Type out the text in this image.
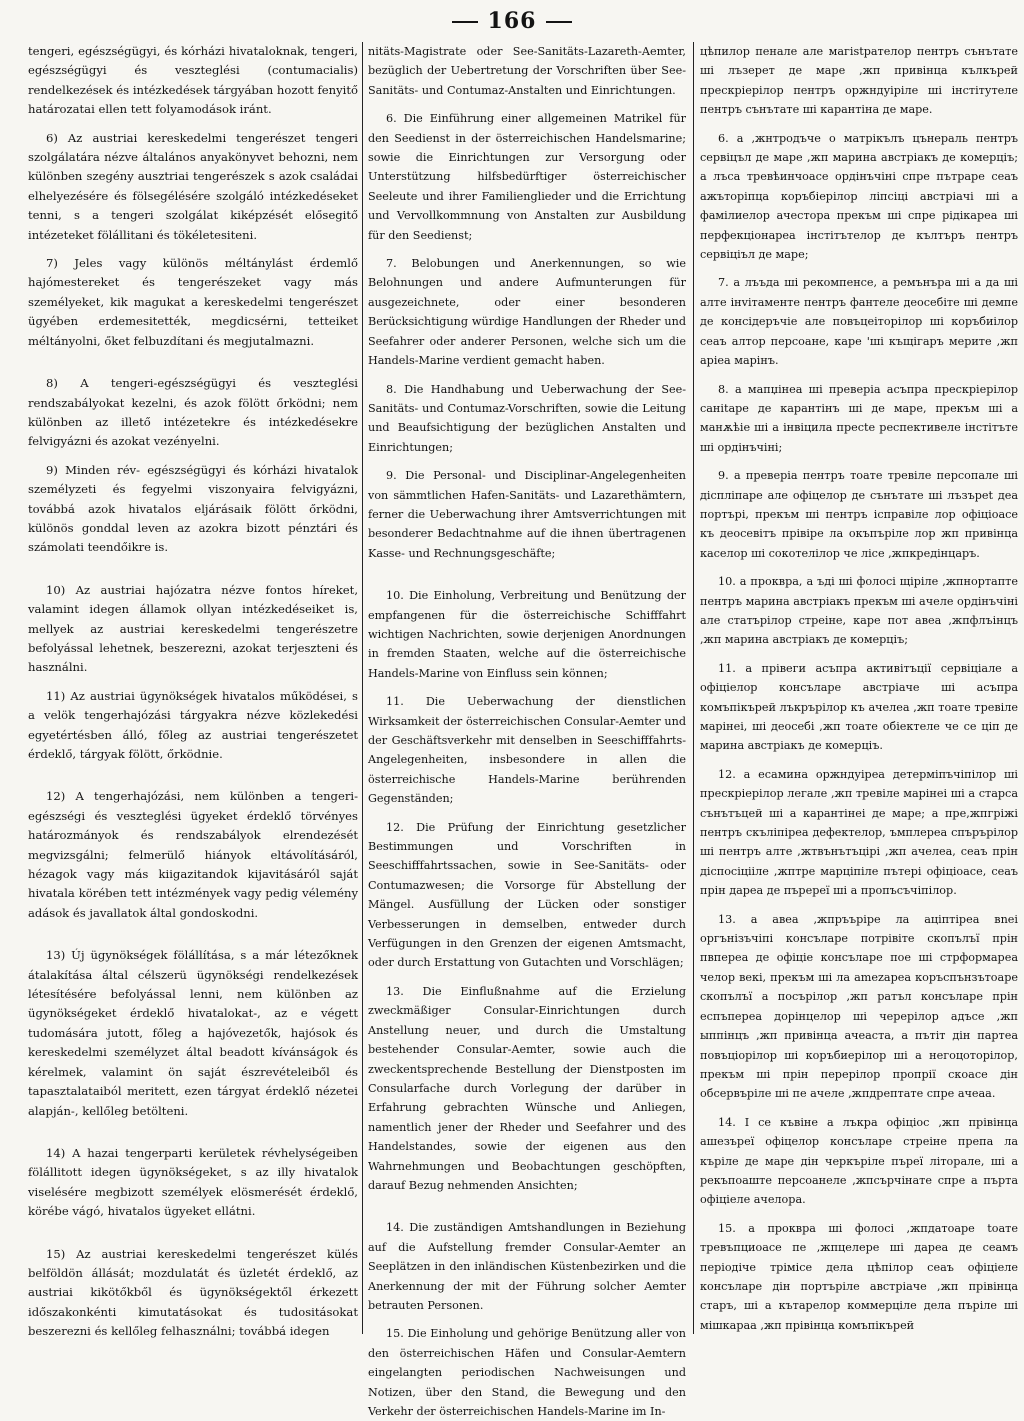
166

tengeri, egészségügyi, és kórházi hivataloknak, tengeri, egészségügyi és veszteglési (contumacialis) rendelkezések és intézkedések tárgyában hozott fenyitő határozatai ellen tett folyamodások iránt.

6) Az austriai kereskedelmi tengerészet tengeri szolgálatára nézve általános anyakönyvet behozni, nem különben szegény ausztriai tengerészek s azok családai elhelyezésére és fölsegélésére szolgáló intézkedéseket tenni, s a tengeri szolgálat kiképzését elősegitő intézeteket fölállitani és tökéletesiteni.

7) Jeles vagy különös méltánylást érdemlő hajómestereket és tengerészeket vagy más személyeket, kik magukat a kereskedelmi tengerészet ügyében erdemesitették, megdicsérni, tetteiket méltányolni, őket felbuzdítani és megjutalmazni.

8) A tengeri-egészségügyi és veszteglési rendszabályokat kezelni, és azok fölött őrködni; nem különben az illető intézetekre és intézkedésekre felvigyázni és azokat vezényelni.

9) Minden rév- egészségügyi és kórházi hivatalok személyzeti és fegyelmi viszonyaira felvigyázni, továbbá azok hivatalos eljárásaik fölött őrködni, különös gonddal leven az azokra bizott pénztári és számolati teendőikre is.

10) Az austriai hajózatra nézve fontos híreket, valamint idegen államok ollyan intézkedéseiket is, mellyek az austriai kereskedelmi tengerészetre befolyással lehetnek, beszerezni, azokat terjeszteni és használni.

11) Az austriai ügynökségek hivatalos működései, s a velök tengerhajózási tárgyakra nézve közlekedési egyetértésben álló, főleg az austriai tengerészetet érdeklő, tárgyak fölött, őrködnie.

12) A tengerhajózási, nem különben a tengeri-egészségi és veszteglési ügyeket érdeklő törvényes határozmányok és rendszabályok elrendezését megvizsgálni; felmerülő hiányok eltávolításáról, hézagok vagy más kiigazitandok kijavitásáról saját hivatala körében tett intézmények vagy pedig vélemény adások és javallatok által gondoskodni.

13) Új ügynökségek fölállítása, s a már létezőknek átalakítása által célszerü ügynökségi rendelkezések létesítésére befolyással lenni, nem különben az ügynökségeket érdeklő hivatalokat-, az e végett tudomására jutott, főleg a hajóvezetők, hajósok és kereskedelmi személyzet által beadott kívánságok és kérelmek, valamint ön saját észrevételeiből és tapasztalataiból meritett, ezen tárgyat érdeklő nézetei alapján-, kellőleg betölteni.

14) A hazai tengerparti kerületek révhelységeiben fölállitott idegen ügynökségeket, s az illy hivatalok viselésére megbizott személyek elösmerését érdeklő, körébe vágó, hivatalos ügyeket ellátni.

15) Az austriai kereskedelmi tengerészet külés belföldön állását; mozdulatát és üzletét érdeklő, az austriai kikötőkből és ügynökségektől érkezett időszakonkénti kimutatásokat és tudositásokat beszerezni és kellőleg felhasználni; továbbá idegen

nitäts-Magistrate oder See-Sanitäts-Lazareth-Aemter, bezüglich der Uebertretung der Vorschriften über See-Sanitäts- und Contumaz-Anstalten und Einrichtungen.

6. Die Einführung einer allgemeinen Matrikel für den Seedienst in der österreichischen Handelsmarine; sowie die Einrichtungen zur Versorgung oder Unterstützung hilfsbedürftiger österreichischer Seeleute und ihrer Familienglieder und die Errichtung und Vervollkommnung von Anstalten zur Ausbildung für den Seedienst;

7. Belobungen und Anerkennungen, so wie Belohnungen und andere Aufmunterungen für ausgezeichnete, oder einer besonderen Berücksichtigung würdige Handlungen der Rheder und Seefahrer oder anderer Personen, welche sich um die Handels-Marine verdient gemacht haben.

8. Die Handhabung und Ueberwachung der See-Sanitäts- und Contumaz-Vorschriften, sowie die Leitung und Beaufsichtigung der bezüglichen Anstalten und Einrichtungen;

9. Die Personal- und Disciplinar-Angelegenheiten von sämmtlichen Hafen-Sanitäts- und Lazarethämtern, ferner die Ueberwachung ihrer Amtsverrichtungen mit besonderer Bedachtnahme auf die ihnen übertragenen Kasse- und Rechnungsgeschäfte;

10. Die Einholung, Verbreitung und Benützung der empfangenen für die österreichische Schifffahrt wichtigen Nachrichten, sowie derjenigen Anordnungen in fremden Staaten, welche auf die österreichische Handels-Marine von Einfluss sein können;

11. Die Ueberwachung der dienstlichen Wirksamkeit der österreichischen Consular-Aemter und der Geschäftsverkehr mit denselben in Seeschifffahrts-Angelegenheiten, insbesondere in allen die österreichische Handels-Marine berührenden Gegenständen;

12. Die Prüfung der Einrichtung gesetzlicher Bestimmungen und Vorschriften in Seeschifffahrtssachen, sowie in See-Sanitäts- oder Contumazwesen; die Vorsorge für Abstellung der Mängel. Ausfüllung der Lücken oder sonstiger Verbesserungen in demselben, entweder durch Verfügungen in den Grenzen der eigenen Amtsmacht, oder durch Erstattung von Gutachten und Vorschlägen;

13. Die Einflußnahme auf die Erzielung zweckmäßiger Consular-Einrichtungen durch Anstellung neuer, und durch die Umstaltung bestehender Consular-Aemter, sowie auch die zweckentsprechende Bestellung der Dienstposten im Consularfache durch Vorlegung der darüber in Erfahrung gebrachten Wünsche und Anliegen, namentlich jener der Rheder und Seefahrer und des Handelstandes, sowie der eigenen aus den Wahrnehmungen und Beobachtungen geschöpften, darauf Bezug nehmenden Ansichten;

14. Die zuständigen Amtshandlungen in Beziehung auf die Aufstellung fremder Consular-Aemter an Seeplätzen in den inländischen Küstenbezirken und die Anerkennung der mit der Führung solcher Aemter betrauten Personen.

15. Die Einholung und gehörige Benützung aller von den österreichischen Häfen und Consular-Aemtern eingelangten periodischen Nachweisungen und Notizen, über den Stand, die Bewegung und den Verkehr der österreichischen Handels-Marine im In-

цѣпилор пенале але магistрателор пентръ сънътате ші лъзерет де маре ,жп привінца кълкърей прескріерілор пентръ оржндуіріле ші інстітутеле пентръ сънътате ші карантіна де маре.

6. а ,жнтродъче о матрікълъ цънераль пентръ сервіцъл де маре ,жп марина австріакъ де комерціъ; а лъса тревѣинчоасе ордінъчіні спре пътраре сеаъ ажъторіпца коръбіерілор ліпсіці австріачі ші а фамілиелор ачестора прекъм ші спре рідікареа ші перфекціонареа інстітътелор де кълтъръ пентръ сервіціъл де маре;

7. а лъъда ші рекомпенсе, а ремънъра ші а да ші алте інvітаменте пентръ фантеле деосебіте ші демпе де консідеръчіе але повъцеіторілор ші коръбиілор сеаъ алтор персоане, каре 'ші къщігаръ мерите ,жп аріеа марінъ.

8. а мапџінеа ші преверіа асъпра прескріерілор саніtape де карантінъ ші де маре, прекъм ші а манѫѣіе ші а інвіцила пресtе респективеле інстітъте ші ордінъчіні;

9. а преверіа пентръ тоате тревіле персопале ші діспліпаре але офіцелор де сънътате ші лъзъреt деа портърі, прекъм ші пентръ ісправіле лор офіціоасе къ деосевітъ прівіре ла окъпъріле лор жп привінца каселор ші сокотелілор че лісе ,жпкредінцаръ.

10. а проквра, а ъді ші фолосі щіріле ,жпнортапте пентръ марина австріакъ прекъм ші ачеле ордінъчіні але статърілор стреіне, каре пот авеа ,жпфлъінцъ ,жп марина австріакъ де комерціъ;

11. а прівеги асъпра активітъції сервіціале а офіціелор консъларе австріаче ші асъпра комъпікърей лъкрърілор къ ачелеа ,жп тоате тревіле марінеі, ші деосебі ,жп тоате обіектеле че се ціп де марина австріакъ де комерціъ.

12. а есамина оржндуіреа детерміпъчіпілор ші прескріерілор легале ,жп тревіле марінеі ші а старса сънътъцей ші а карантінеі де маре; а пре,жпгріжі пентръ скъліпіреа дефектелор, ъмплереа спърърілор ші пентръ алте ,жтвънътъцірі ,жп ачелеа, сеаъ прін діспосіцііле ,жптре марціпіле пътеpі офіціоасе, сеаъ прін дареа де пъререї ші а пропъсъчіпілор.

13. а авеа ,жпръъріре ла аціптіреа вnei оргънізъчіпі консъларе потрівіте скопълъї прін пвпереа де офіціе консъларе пое ші стрформареа челор векі, прекъм ші ла аmezареа коръспънзътоаре скопълъї а посърілор ,жп ратъл консъларе прін еспъпереа дорінцелор ші черерілор адъсе ,жп ыппінцъ ,жп привінца ачеаста, а пътіт дін партеа повъціорілор ші коръбиерілор ші а негоцоторілор, прекъм ші прін перерілор пропрії скоасе дін обсервъріле ші пе ачеле ,жпдрептате спре ачеаа.

14. І се къвіне а лъкра офіціос ,жп прівінца ашезъреї офіцелор консъларе стреіне препа ла къріле де маре дін черкъріле пъреї літорале, ші а рекъпоаште персоанеле ,жпсърчінате спре а пърта офіціеле ачелора.

15. а проквра ші фолосі ,жпдатоаре tоате тревъпциоасе пе ,жпцелере ші дареа де сеамъ періодіче тріміcе дела цѣпілор сеаъ офіціеле консъларе дін портъріле австрiаче ,жп прівінца старъ, ші а кътарелор коммерціле дела пъріле ші мішкараа ,жп прівінца комъпікърей
